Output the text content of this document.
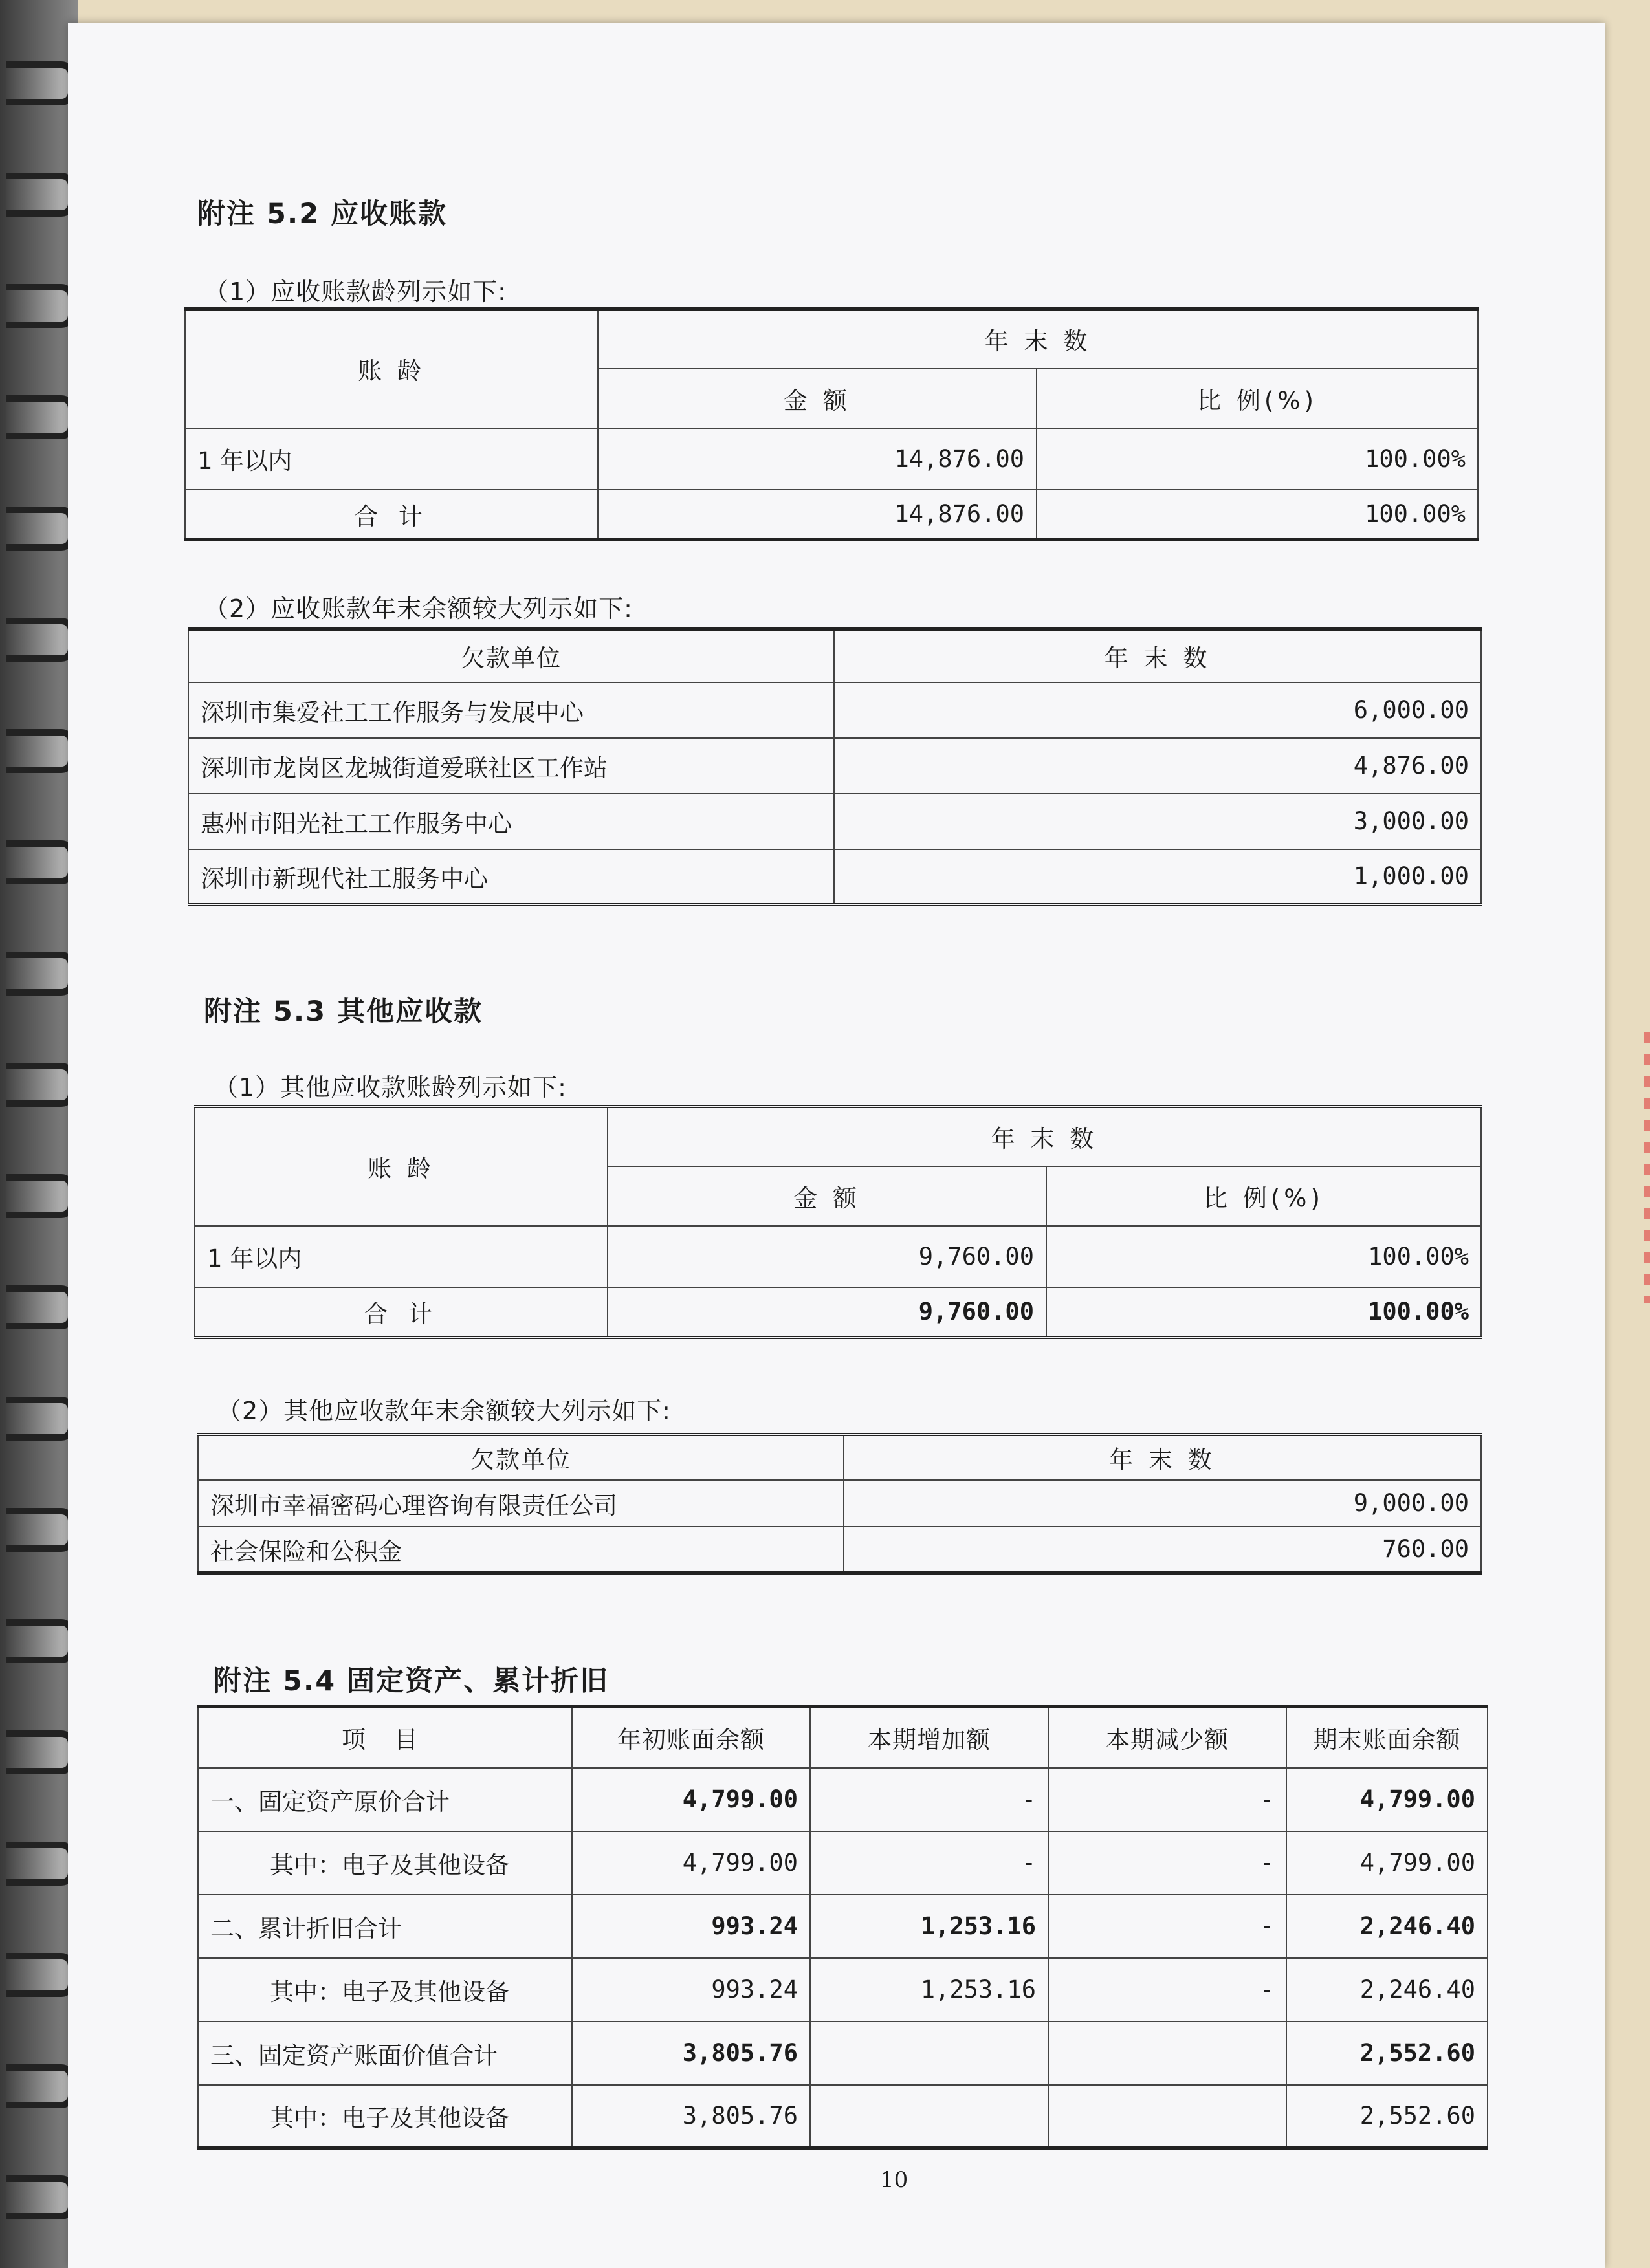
附注 5.2 应收账款
（1）应收账款龄列示如下:
账 龄	年 末 数	
	金 额	比 例(%)
1 年以内	14,876.00	100.00%
合 计	14,876.00	100.00%
（2）应收账款年末余额较大列示如下:
欠款单位	年 末 数
深圳市集爱社工工作服务与发展中心	6,000.00
深圳市龙岗区龙城街道爱联社区工作站	4,876.00
惠州市阳光社工工作服务中心	3,000.00
深圳市新现代社工服务中心	1,000.00
附注 5.3 其他应收款
（1）其他应收款账龄列示如下:
账 龄	年 末 数	
	金 额	比 例(%)
1 年以内	9,760.00	100.00%
合 计	9,760.00	100.00%
（2）其他应收款年末余额较大列示如下:
欠款单位	年 末 数
深圳市幸福密码心理咨询有限责任公司	9,000.00
社会保险和公积金	760.00
附注 5.4 固定资产、累计折旧
项 目	年初账面余额	本期增加额	本期减少额	期末账面余额
一、固定资产原价合计	4,799.00	-	-	4,799.00
其中：电子及其他设备	4,799.00	-	-	4,799.00
二、累计折旧合计	993.24	1,253.16	-	2,246.40
其中：电子及其他设备	993.24	1,253.16	-	2,246.40
三、固定资产账面价值合计	3,805.76			2,552.60
其中：电子及其他设备	3,805.76			2,552.60
10
